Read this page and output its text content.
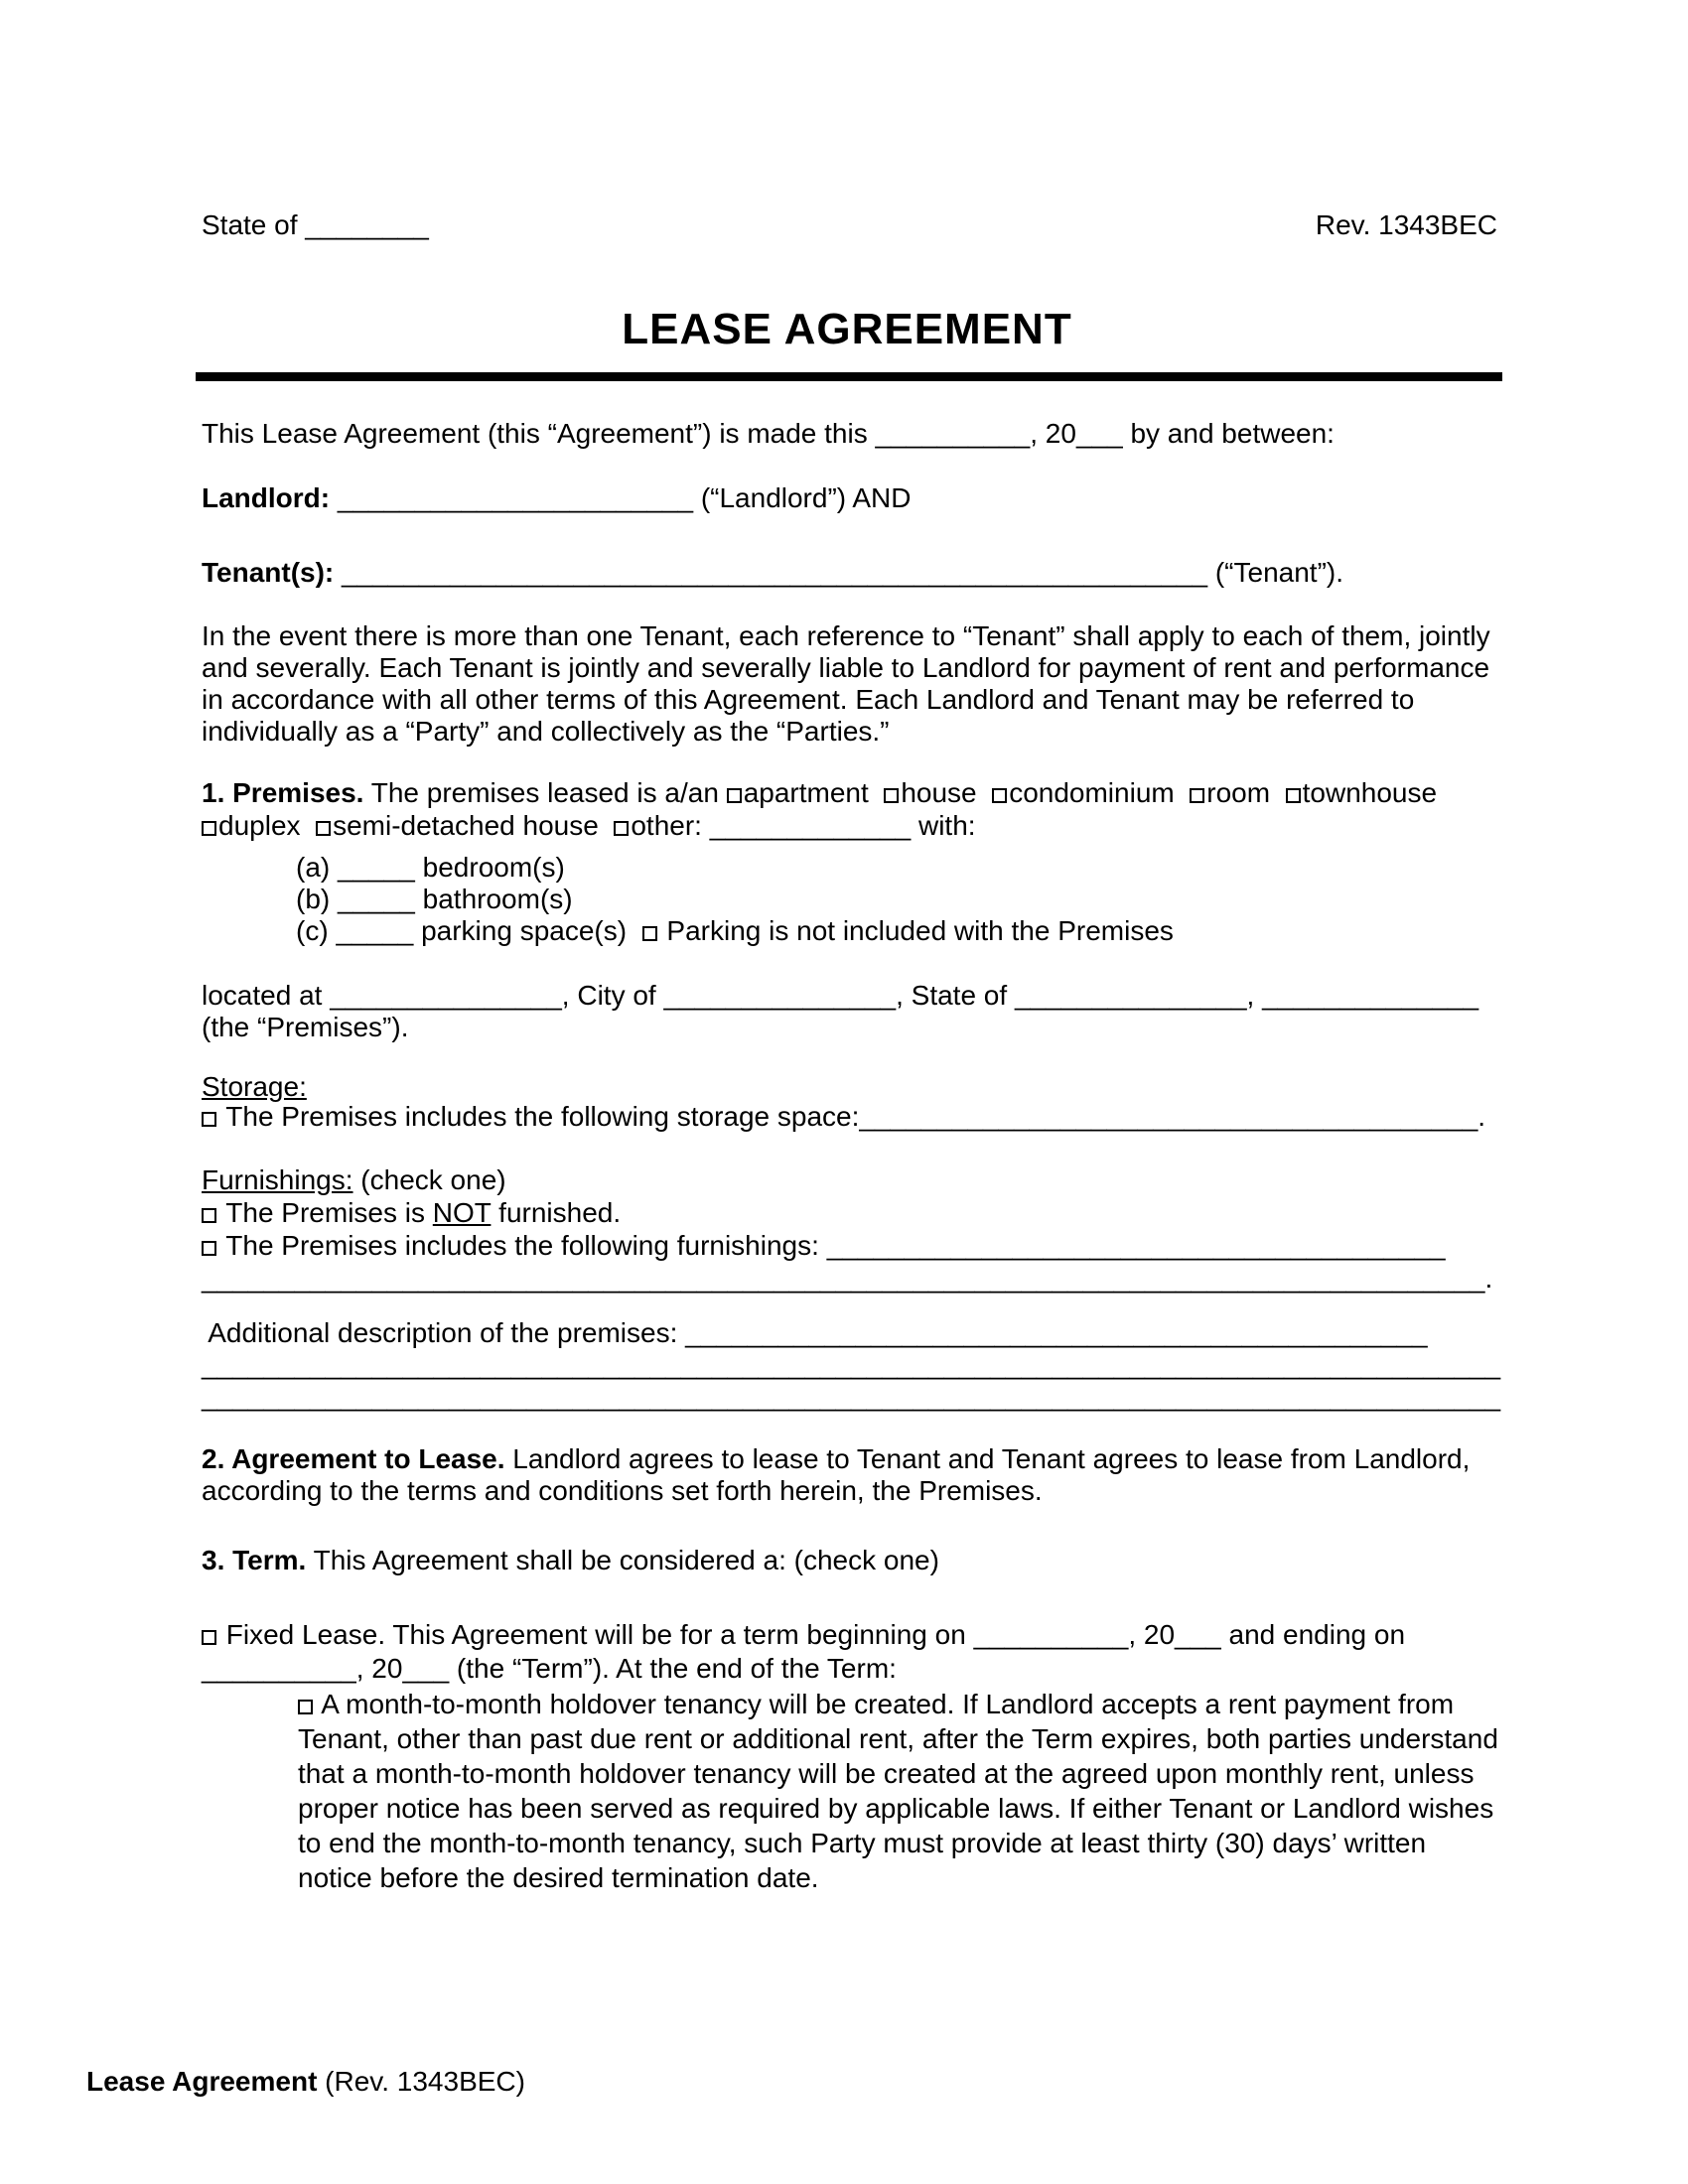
LEASE AGREEMENT
State of ________	Rev. 1343BEC
This Lease Agreement (this “Agreement”) is made this __________, 20___ by and between:
Landlord: _______________________ (“Landlord”) AND
Tenant(s): ________________________________________________________ (“Tenant”).
In the event there is more than one Tenant, each reference to “Tenant” shall apply to each of them, jointly
and severally. Each Tenant is jointly and severally liable to Landlord for payment of rent and performance
in accordance with all other terms of this Agreement. Each Landlord and Tenant may be referred to
individually as a “Party” and collectively as the “Parties.”
1. Premises. The premises leased is a/an apartment  house  condominium  room  townhouse
duplex  semi-detached house  other: _____________ with:
(a) _____ bedroom(s)
(b) _____ bathroom(s)
(c) _____ parking space(s)   Parking is not included with the Premises
located at _______________, City of _______________, State of _______________, ______________
(the “Premises”).
Storage:
The Premises includes the following storage space:________________________________________.
Furnishings: (check one)
The Premises is NOT furnished.
The Premises includes the following furnishings: ________________________________________
___________________________________________________________________________________.
Additional description of the premises: ________________________________________________
____________________________________________________________________________________
____________________________________________________________________________________
2. Agreement to Lease. Landlord agrees to lease to Tenant and Tenant agrees to lease from Landlord,
according to the terms and conditions set forth herein, the Premises.
3. Term. This Agreement shall be considered a: (check one)
Fixed Lease. This Agreement will be for a term beginning on __________, 20___ and ending on
__________, 20___ (the “Term”). At the end of the Term:
A month-to-month holdover tenancy will be created. If Landlord accepts a rent payment from
Tenant, other than past due rent or additional rent, after the Term expires, both parties understand
that a month-to-month holdover tenancy will be created at the agreed upon monthly rent, unless
proper notice has been served as required by applicable laws. If either Tenant or Landlord wishes
to end the month-to-month tenancy, such Party must provide at least thirty (30) days’ written
notice before the desired termination date.
Lease Agreement (Rev. 1343BEC)
